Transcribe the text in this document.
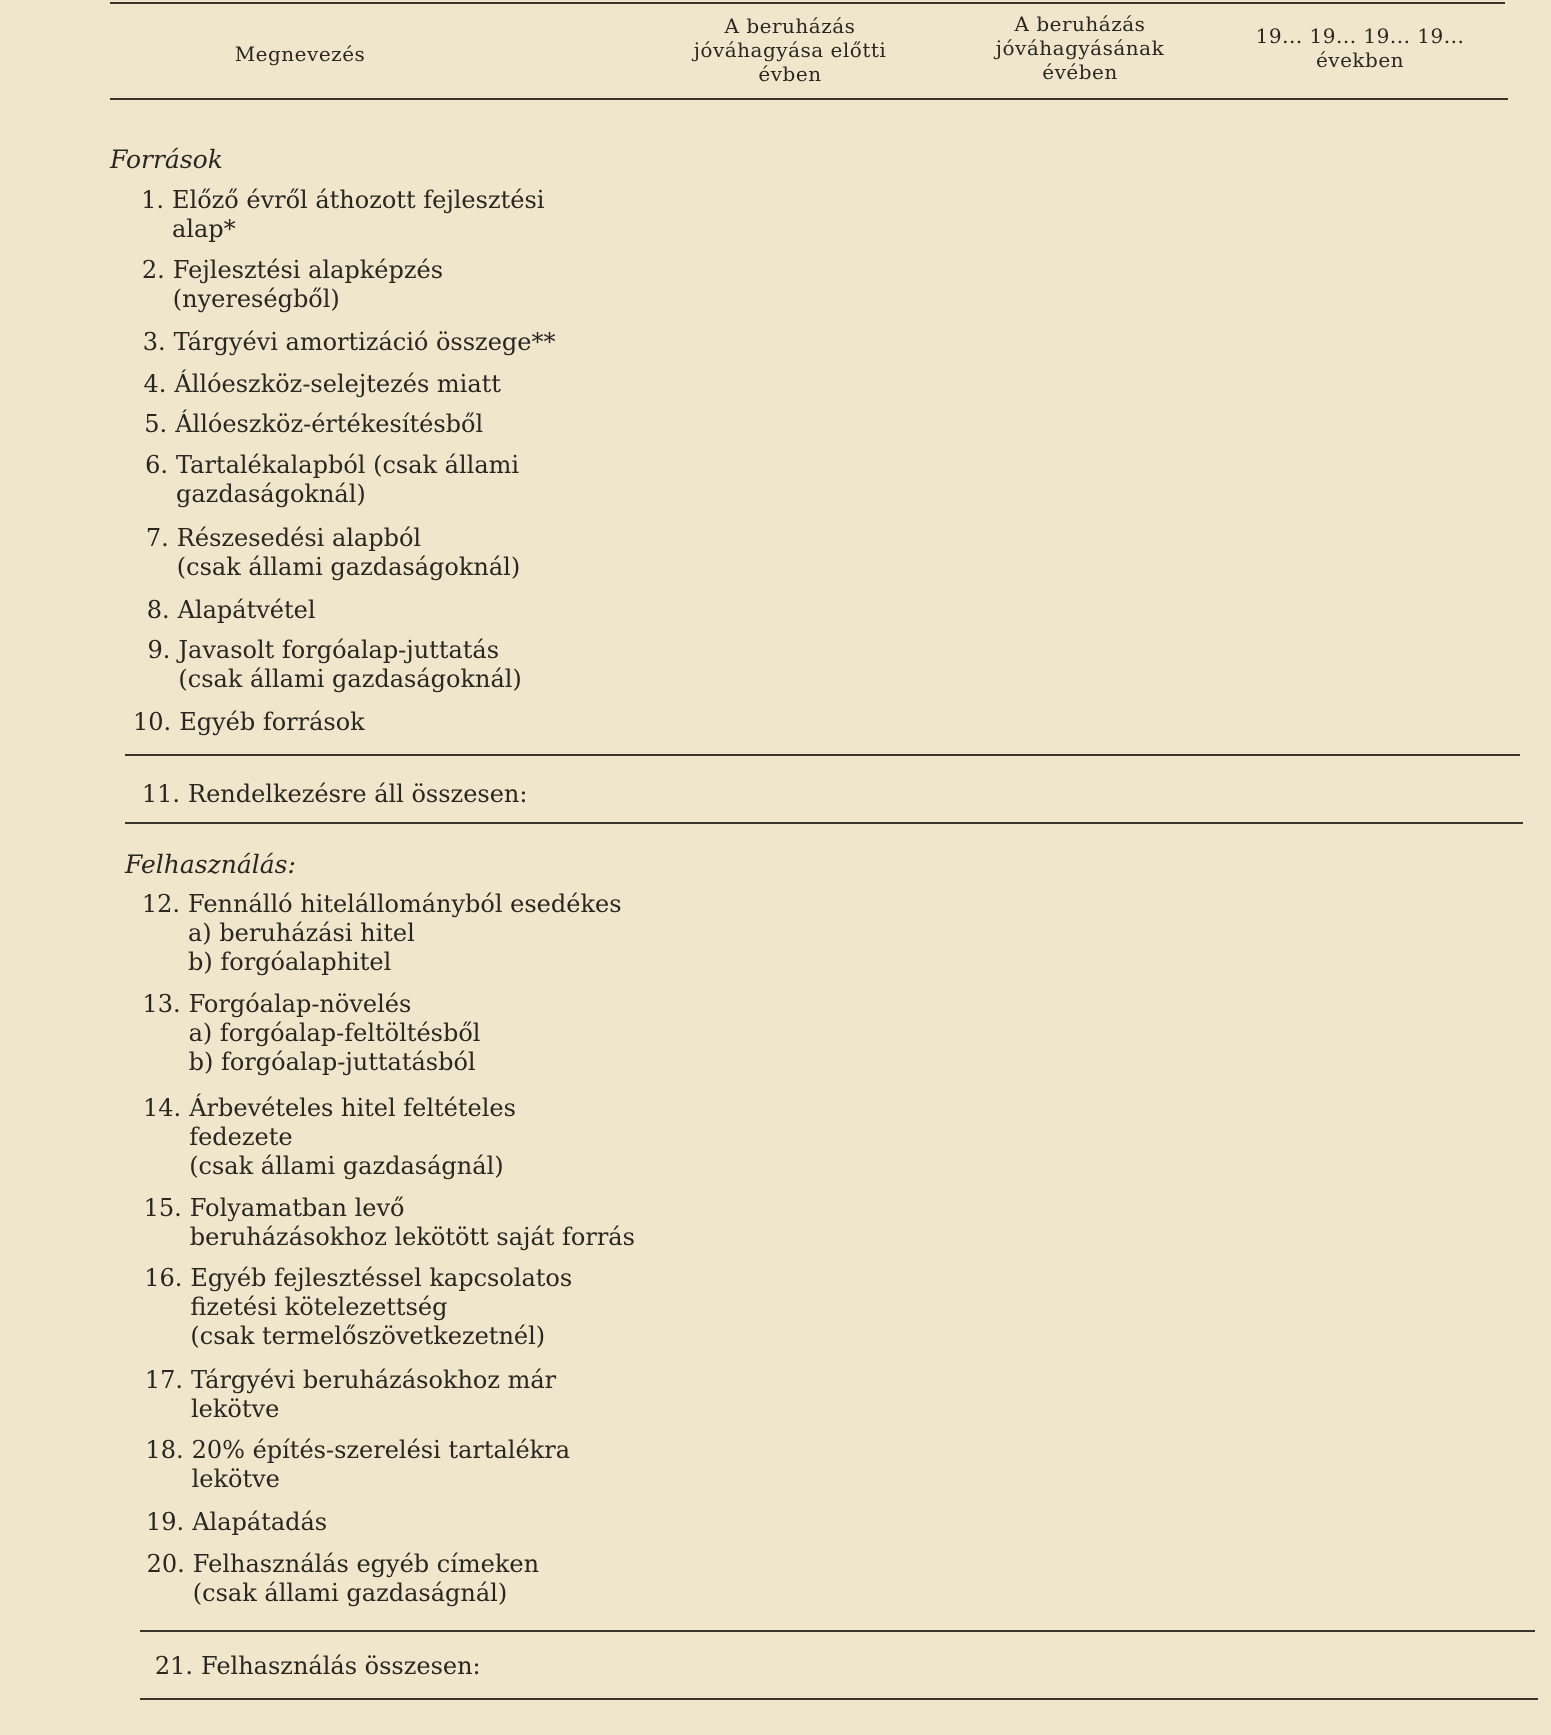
Megnevezés
A beruházás
jóváhagyása előtti
évben
A beruházás
jóváhagyásának
évében
19... 19... 19... 19...
években
Források
1. Előző évről áthozott fejlesztési
alap*
2. Fejlesztési alapképzés
(nyereségből)
3. Tárgyévi amortizáció összege**
4. Állóeszköz-selejtezés miatt
5. Állóeszköz-értékesítésből
6. Tartalékalapból (csak állami
gazdaságoknál)
7. Részesedési alapból
(csak állami gazdaságoknál)
8. Alapátvétel
9. Javasolt forgóalap-juttatás
(csak állami gazdaságoknál)
10. Egyéb források
11. Rendelkezésre áll összesen:
Felhasználás:
12. Fennálló hitelállományból esedékes
a) beruházási hitel
b) forgóalaphitel
13. Forgóalap-növelés
a) forgóalap-feltöltésből
b) forgóalap-juttatásból
14. Árbevételes hitel feltételes
fedezete
(csak állami gazdaságnál)
15. Folyamatban levő
beruházásokhoz lekötött saját forrás
16. Egyéb fejlesztéssel kapcsolatos
fizetési kötelezettség
(csak termelőszövetkezetnél)
17. Tárgyévi beruházásokhoz már
lekötve
18. 20% építés-szerelési tartalékra
lekötve
19. Alapátadás
20. Felhasználás egyéb címeken
(csak állami gazdaságnál)
21. Felhasználás összesen:
